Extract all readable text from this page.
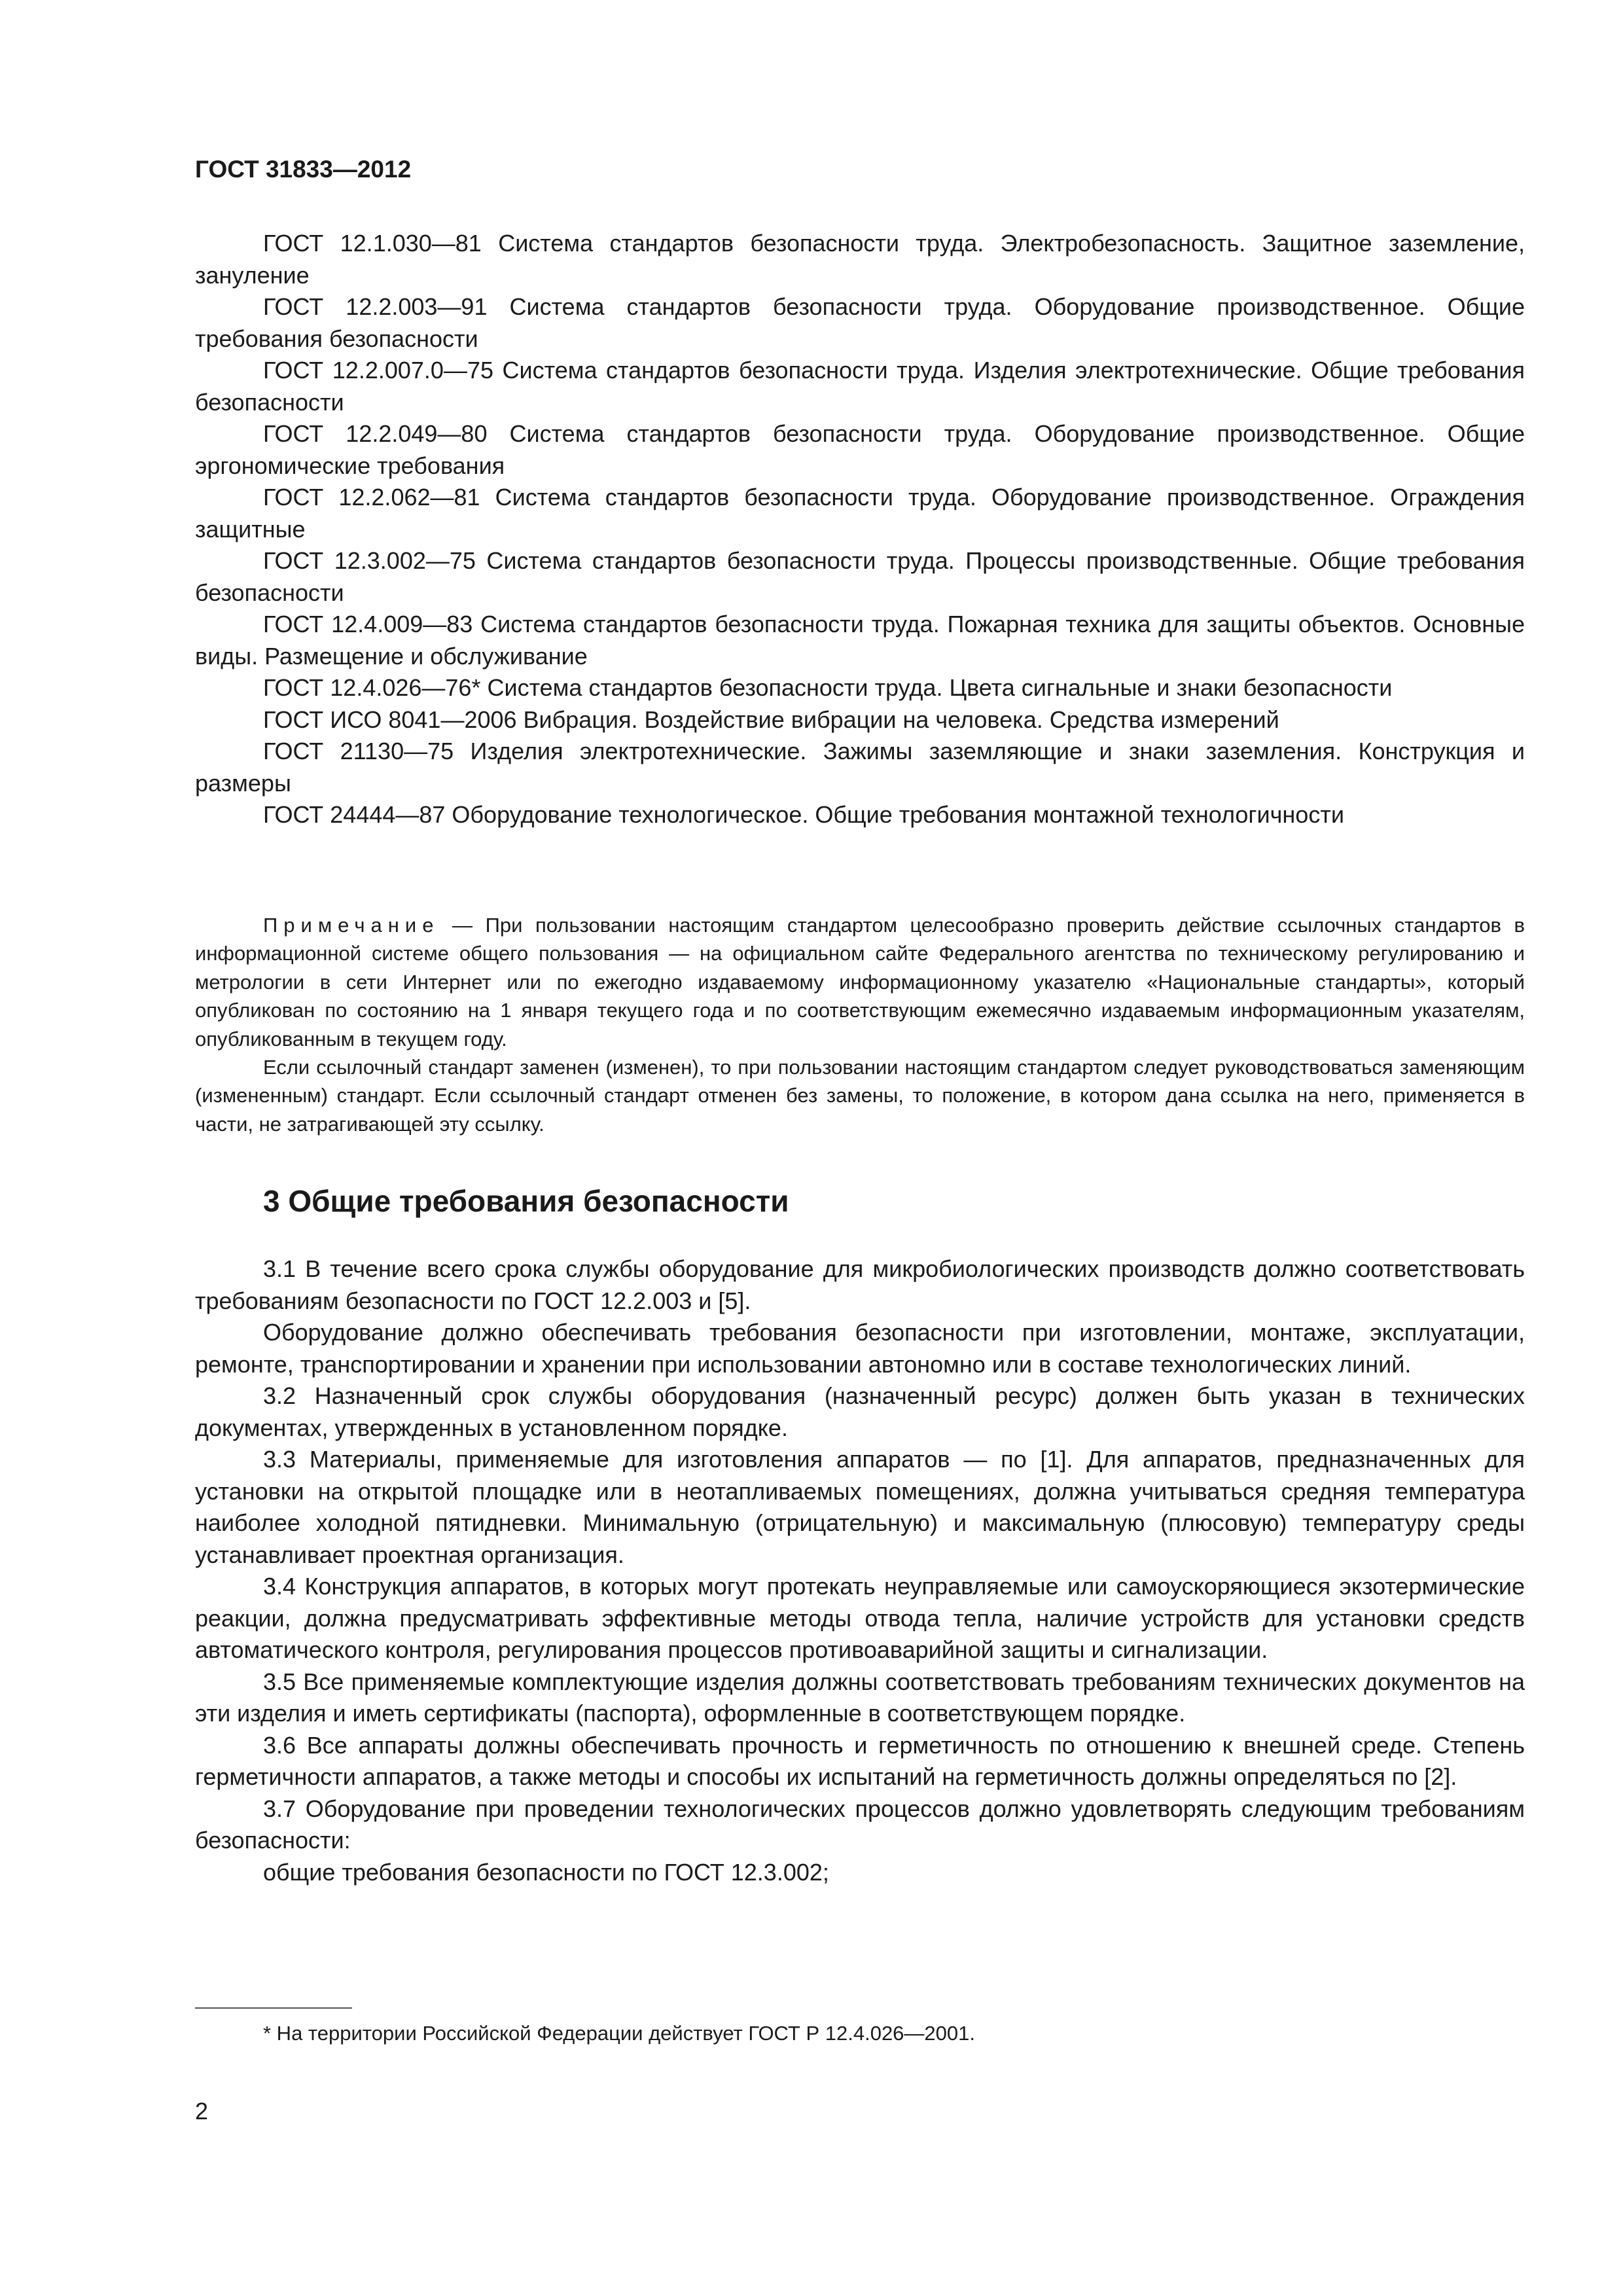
ГОСТ 31833—2012

ГОСТ 12.1.030—81 Система стандартов безопасности труда. Электробезопасность. Защитное заземление, зануление

ГОСТ 12.2.003—91 Система стандартов безопасности труда. Оборудование производственное. Общие требования безопасности

ГОСТ 12.2.007.0—75 Система стандартов безопасности труда. Изделия электротехнические. Общие требования безопасности

ГОСТ 12.2.049—80 Система стандартов безопасности труда. Оборудование производственное. Общие эргономические требования

ГОСТ 12.2.062—81 Система стандартов безопасности труда. Оборудование производственное. Ограждения защитные

ГОСТ 12.3.002—75 Система стандартов безопасности труда. Процессы производственные. Общие требования безопасности

ГОСТ 12.4.009—83 Система стандартов безопасности труда. Пожарная техника для защиты объектов. Основные виды. Размещение и обслуживание

ГОСТ 12.4.026—76* Система стандартов безопасности труда. Цвета сигнальные и знаки безопасности

ГОСТ ИСО 8041—2006 Вибрация. Воздействие вибрации на человека. Средства измерений

ГОСТ 21130—75 Изделия электротехнические. Зажимы заземляющие и знаки заземления. Конструкция и размеры

ГОСТ 24444—87 Оборудование технологическое. Общие требования монтажной технологичности

Примечание — При пользовании настоящим стандартом целесообразно проверить действие ссылочных стандартов в информационной системе общего пользования — на официальном сайте Федерального агентства по техническому регулированию и метрологии в сети Интернет или по ежегодно издаваемому информационному указателю «Национальные стандарты», который опубликован по состоянию на 1 января текущего года и по соответствующим ежемесячно издаваемым информационным указателям, опубликованным в текущем году.

Если ссылочный стандарт заменен (изменен), то при пользовании настоящим стандартом следует руководствоваться заменяющим (измененным) стандарт. Если ссылочный стандарт отменен без замены, то положение, в котором дана ссылка на него, применяется в части, не затрагивающей эту ссылку.

3 Общие требования безопасности

3.1 В течение всего срока службы оборудование для микробиологических производств должно соответствовать требованиям безопасности по ГОСТ 12.2.003 и [5].

Оборудование должно обеспечивать требования безопасности при изготовлении, монтаже, эксплуатации, ремонте, транспортировании и хранении при использовании автономно или в составе технологических линий.

3.2 Назначенный срок службы оборудования (назначенный ресурс) должен быть указан в технических документах, утвержденных в установленном порядке.

3.3 Материалы, применяемые для изготовления аппаратов — по [1]. Для аппаратов, предназначенных для установки на открытой площадке или в неотапливаемых помещениях, должна учитываться средняя температура наиболее холодной пятидневки. Минимальную (отрицательную) и максимальную (плюсовую) температуру среды устанавливает проектная организация.

3.4 Конструкция аппаратов, в которых могут протекать неуправляемые или самоускоряющиеся экзотермические реакции, должна предусматривать эффективные методы отвода тепла, наличие устройств для установки средств автоматического контроля, регулирования процессов противоаварийной защиты и сигнализации.

3.5 Все применяемые комплектующие изделия должны соответствовать требованиям технических документов на эти изделия и иметь сертификаты (паспорта), оформленные в соответствующем порядке.

3.6 Все аппараты должны обеспечивать прочность и герметичность по отношению к внешней среде. Степень герметичности аппаратов, а также методы и способы их испытаний на герметичность должны определяться по [2].

3.7 Оборудование при проведении технологических процессов должно удовлетворять следующим требованиям безопасности:

общие требования безопасности по ГОСТ 12.3.002;

* На территории Российской Федерации действует ГОСТ Р 12.4.026—2001.
2
